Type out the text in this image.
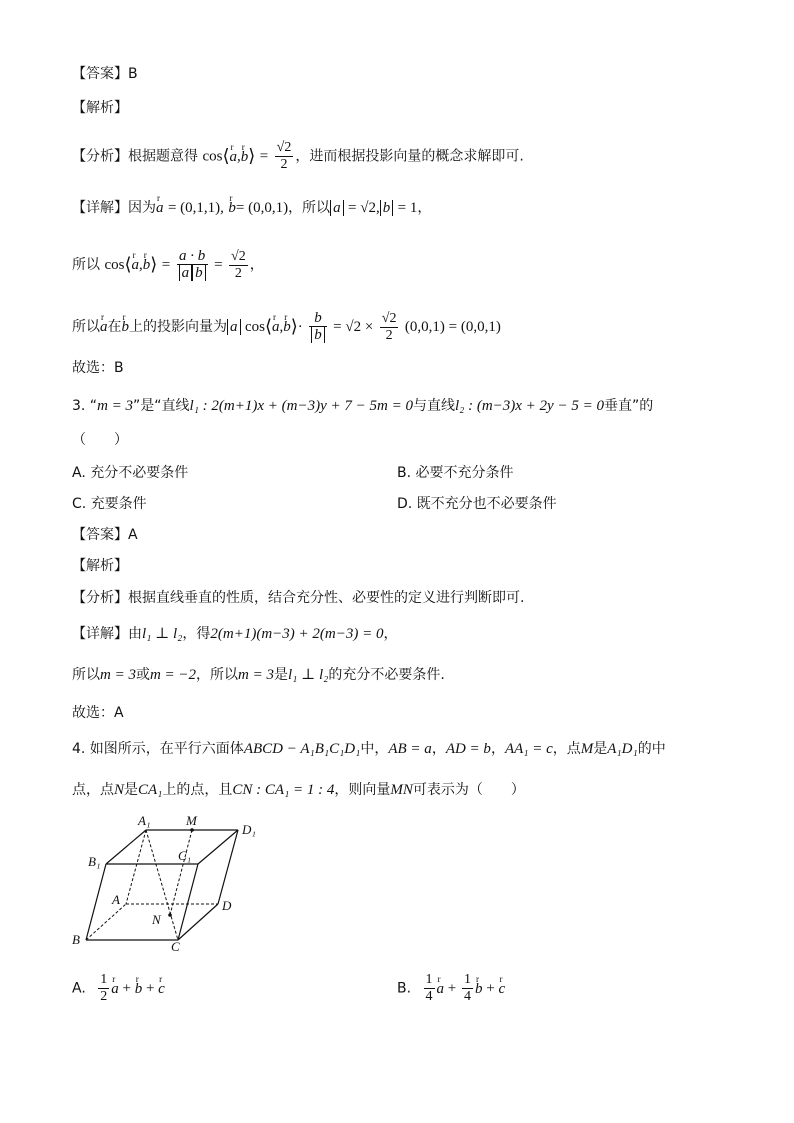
【答案】B
【解析】
【分析】根据题意得 cos⟨r a,r b⟩ = $\frac{√2}{2}$ ，进而根据投影向量的概念求解即可.
【详解】因为r a = (0,1,1), r b= (0,0,1)，所以 a = √2, b = 1，
所以 cos⟨r a,r b⟩ = $\frac{a \cdot b}{\text{a b}} = \frac{√2}{2}$ ，
所以r a在r b上的投影向量为 a cos⟨r a,r b⟩· $\frac{b}{b} = √2 \times \frac{√2}{2} (0,0,1) = (0,0,1)$
故选：B
3. “m = 3”是“直线l₁ : 2(m+1)x + (m−3)y + 7 − 5m = 0与直线l₂ : (m−3)x + 2y − 5 = 0垂直”的
（　　）
A. 充分不必要条件	B. 必要不充分条件
C. 充要条件	D. 既不充分也不必要条件
【答案】A
【解析】
【分析】根据直线垂直的性质，结合充分性、必要性的定义进行判断即可.
【详解】由l₁ ⊥ l₂，得2(m+1)(m−3) + 2(m−3) = 0，
所以m = 3或m = −2，所以m = 3是l₁ ⊥ l₂的充分不必要条件.
故选：A
4. 如图所示，在平行六面体ABCD − A₁B₁C₁D₁中，AB = a，AD = b，AA₁ = c，点M是A₁D₁的中
点，点N是CA₁上的点，且CN : CA₁ = 1 : 4，则向量MN可表示为（　　）
A₁	M
D₁
B₁	C₁
A	D
N
B	C
A. $\frac{1}{2}$ r a + r b + r c	B. $\frac{1}{4}$ r $a + \frac{1}{4}$ r b + r c
